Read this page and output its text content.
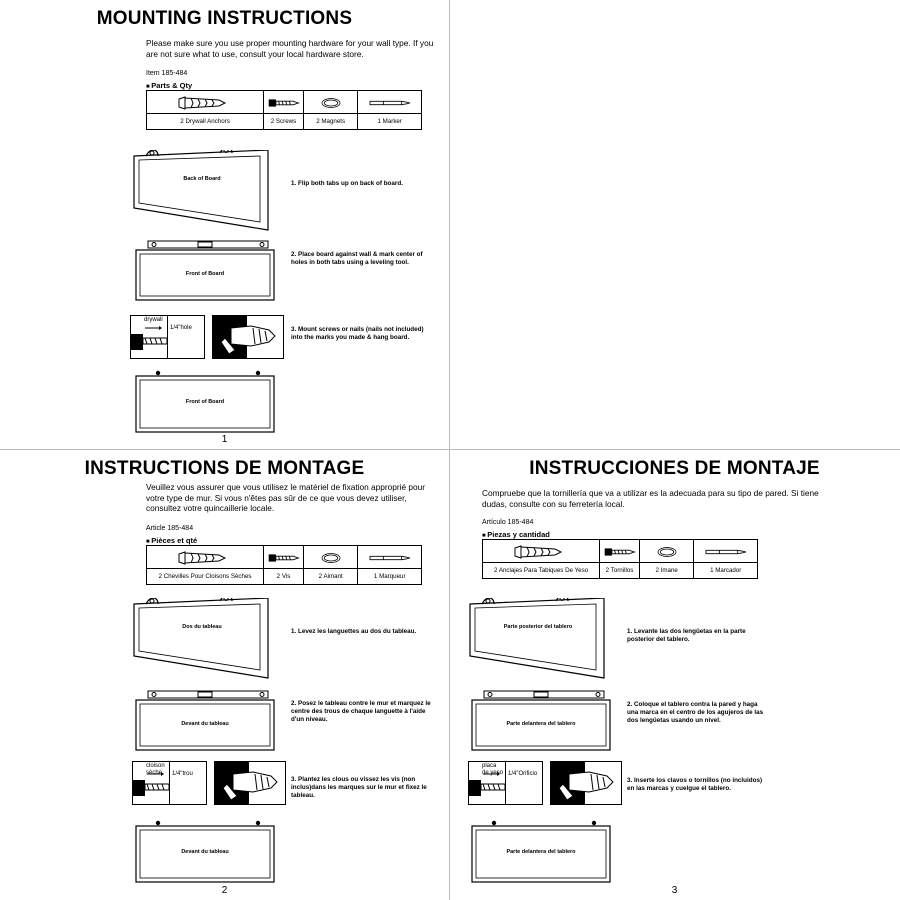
MOUNTING INSTRUCTIONS
Please make sure you use proper mounting hardware for your wall type. If you are not sure what to use, consult your local hardware store.
Item 185-484
■ Parts & Qty
2 Drywall Anchors	2 Screws	2 Magnets	1 Marker
Back of Board
Front of Board
drywall
1/4"hole
Front of Board
1. Flip both tabs up on back of board.
2. Place board against wall & mark center of holes in both tabs using a leveling tool.
3. Mount screws or nails (nails not included) into the marks you made & hang board.
1
INSTRUCTIONS DE MONTAGE
Veuillez vous assurer que vous utilisez le matériel de fixation approprié pour votre type de mur. Si vous n'êtes pas sûr de ce que vous devez utiliser, consultez votre quincaillerie locale.
Article 185-484
■ Pièces et qté
2 Chevilles Pour Cloisons Sèches	2 Vis	2 Aimant	1 Marqueur
Dos du tableau
Devant du tableau
cloison sèche	1/4"trou
Devant du tableau
1. Levez les languettes au dos du tableau.
2. Posez le tableau contre le mur et marquez le centre des trous de chaque languette à l'aide d'un niveau.
3. Plantez les clous ou vissez les vis (non inclus)dans les marques sur le mur et fixez le tableau.
2
INSTRUCCIONES DE MONTAJE
Compruebe que la tornillería que va a utilizar es la adecuada para su tipo de pared. Si tiene dudas, consulte con su ferretería local.
Artículo 185-484
■ Piezas y cantidad
2 Anclajes Para Tabiques De Yeso	2 Tornillos	2 Imane	1 Marcador
Parte posterior del tablero
Parte delantera del tablero
placa de yeso 1/4"Orificio
Parte delantera del tablero
1. Levante las dos lengüetas en la parte posterior del tablero.
2. Coloque el tablero contra la pared y haga una marca en el centro de los agujeros de las dos lengüetas usando un nivel.
3. Inserte los clavos o tornillos (no incluidos) en las marcas y cuelgue el tablero.
3
